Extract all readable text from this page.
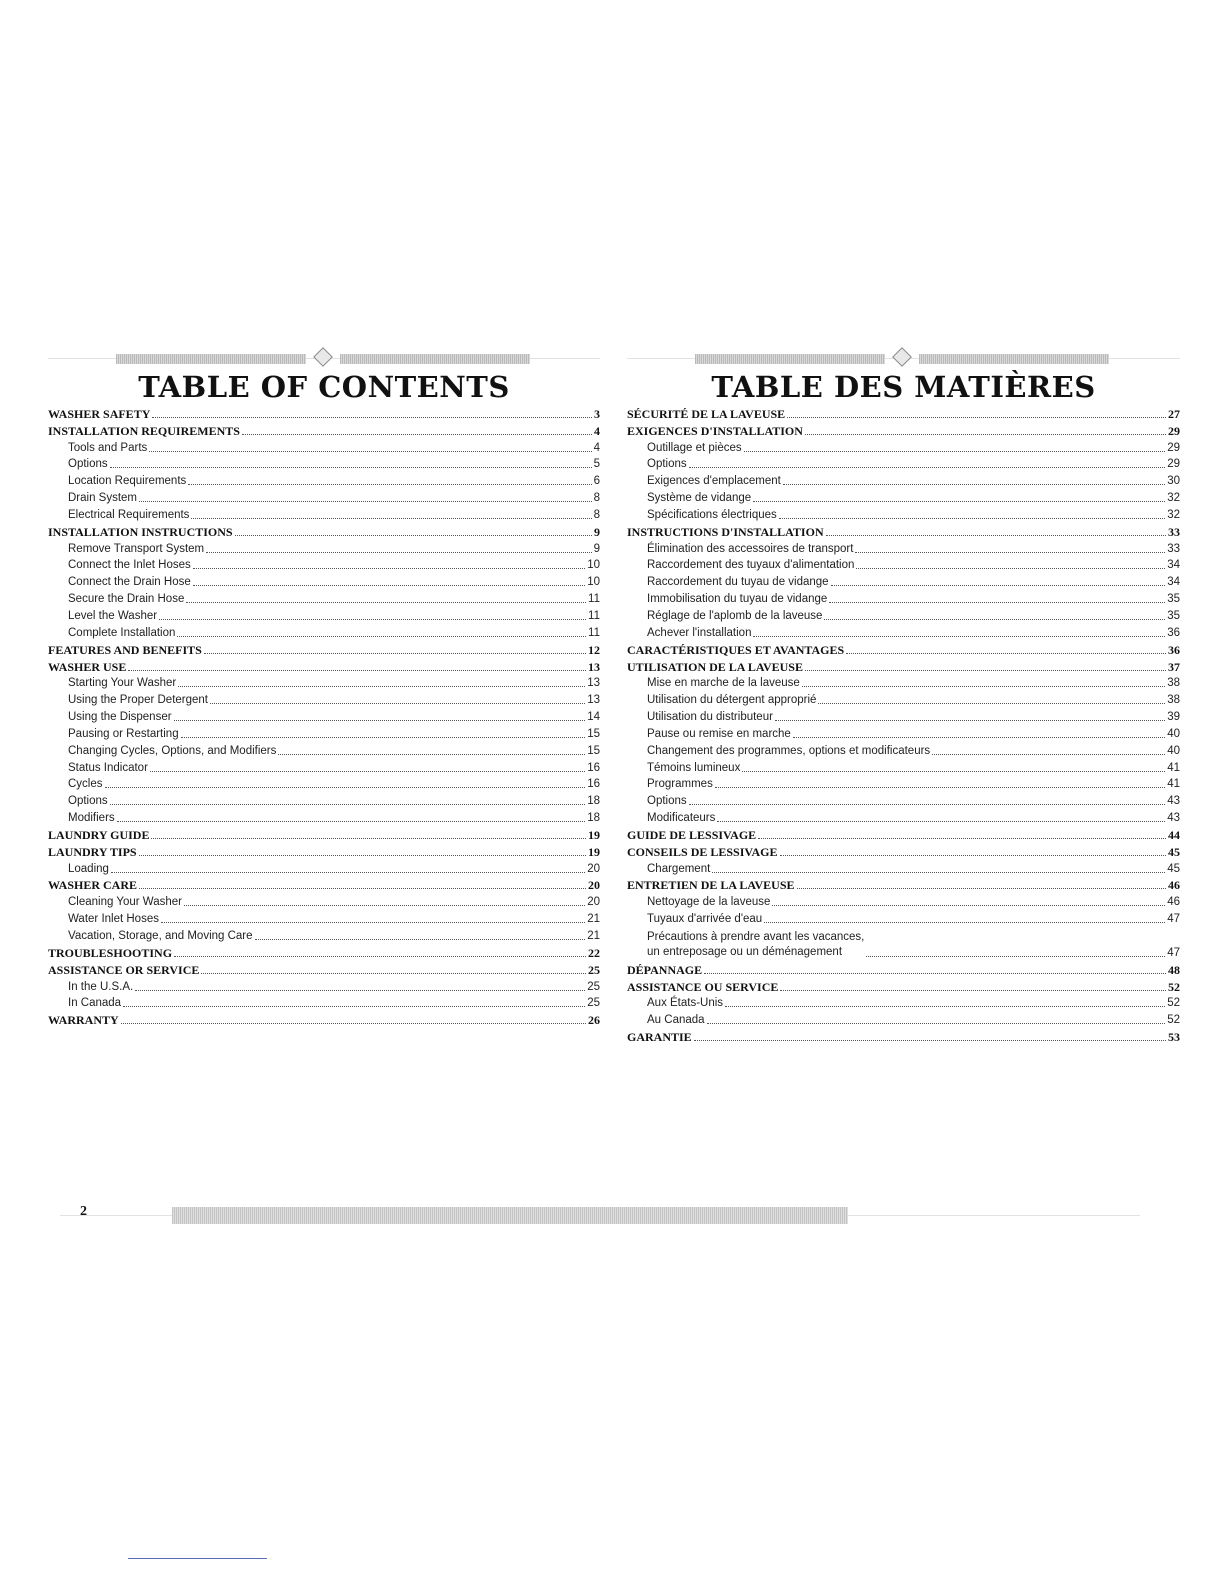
TABLE OF CONTENTS
WASHER SAFETY	3
INSTALLATION REQUIREMENTS	4
Tools and Parts	4
Options	5
Location Requirements	6
Drain System	8
Electrical Requirements	8
INSTALLATION INSTRUCTIONS	9
Remove Transport System	9
Connect the Inlet Hoses	10
Connect the Drain Hose	10
Secure the Drain Hose	11
Level the Washer	11
Complete Installation	11
FEATURES AND BENEFITS	12
WASHER USE	13
Starting Your Washer	13
Using the Proper Detergent	13
Using the Dispenser	14
Pausing or Restarting	15
Changing Cycles, Options, and Modifiers	15
Status Indicator	16
Cycles	16
Options	18
Modifiers	18
LAUNDRY GUIDE	19
LAUNDRY TIPS	19
Loading	20
WASHER CARE	20
Cleaning Your Washer	20
Water Inlet Hoses	21
Vacation, Storage, and Moving Care	21
TROUBLESHOOTING	22
ASSISTANCE OR SERVICE	25
In the U.S.A.	25
In Canada	25
WARRANTY	26
TABLE DES MATIÈRES
SÉCURITÉ DE LA LAVEUSE	27
EXIGENCES D'INSTALLATION	29
Outillage et pièces	29
Options	29
Exigences d'emplacement	30
Système de vidange	32
Spécifications électriques	32
INSTRUCTIONS D'INSTALLATION	33
Élimination des accessoires de transport	33
Raccordement des tuyaux d'alimentation	34
Raccordement du tuyau de vidange	34
Immobilisation du tuyau de vidange	35
Réglage de l'aplomb de la laveuse	35
Achever l'installation	36
CARACTÉRISTIQUES ET AVANTAGES	36
UTILISATION DE LA LAVEUSE	37
Mise en marche de la laveuse	38
Utilisation du détergent approprié	38
Utilisation du distributeur	39
Pause ou remise en marche	40
Changement des programmes, options et modificateurs	40
Témoins lumineux	41
Programmes	41
Options	43
Modificateurs	43
GUIDE DE LESSIVAGE	44
CONSEILS DE LESSIVAGE	45
Chargement	45
ENTRETIEN DE LA LAVEUSE	46
Nettoyage de la laveuse	46
Tuyaux d'arrivée d'eau	47
Précautions à prendre avant les vacances,
un entreposage ou un déménagement	47
DÉPANNAGE	48
ASSISTANCE OU SERVICE	52
Aux États-Unis	52
Au Canada	52
GARANTIE	53
2
